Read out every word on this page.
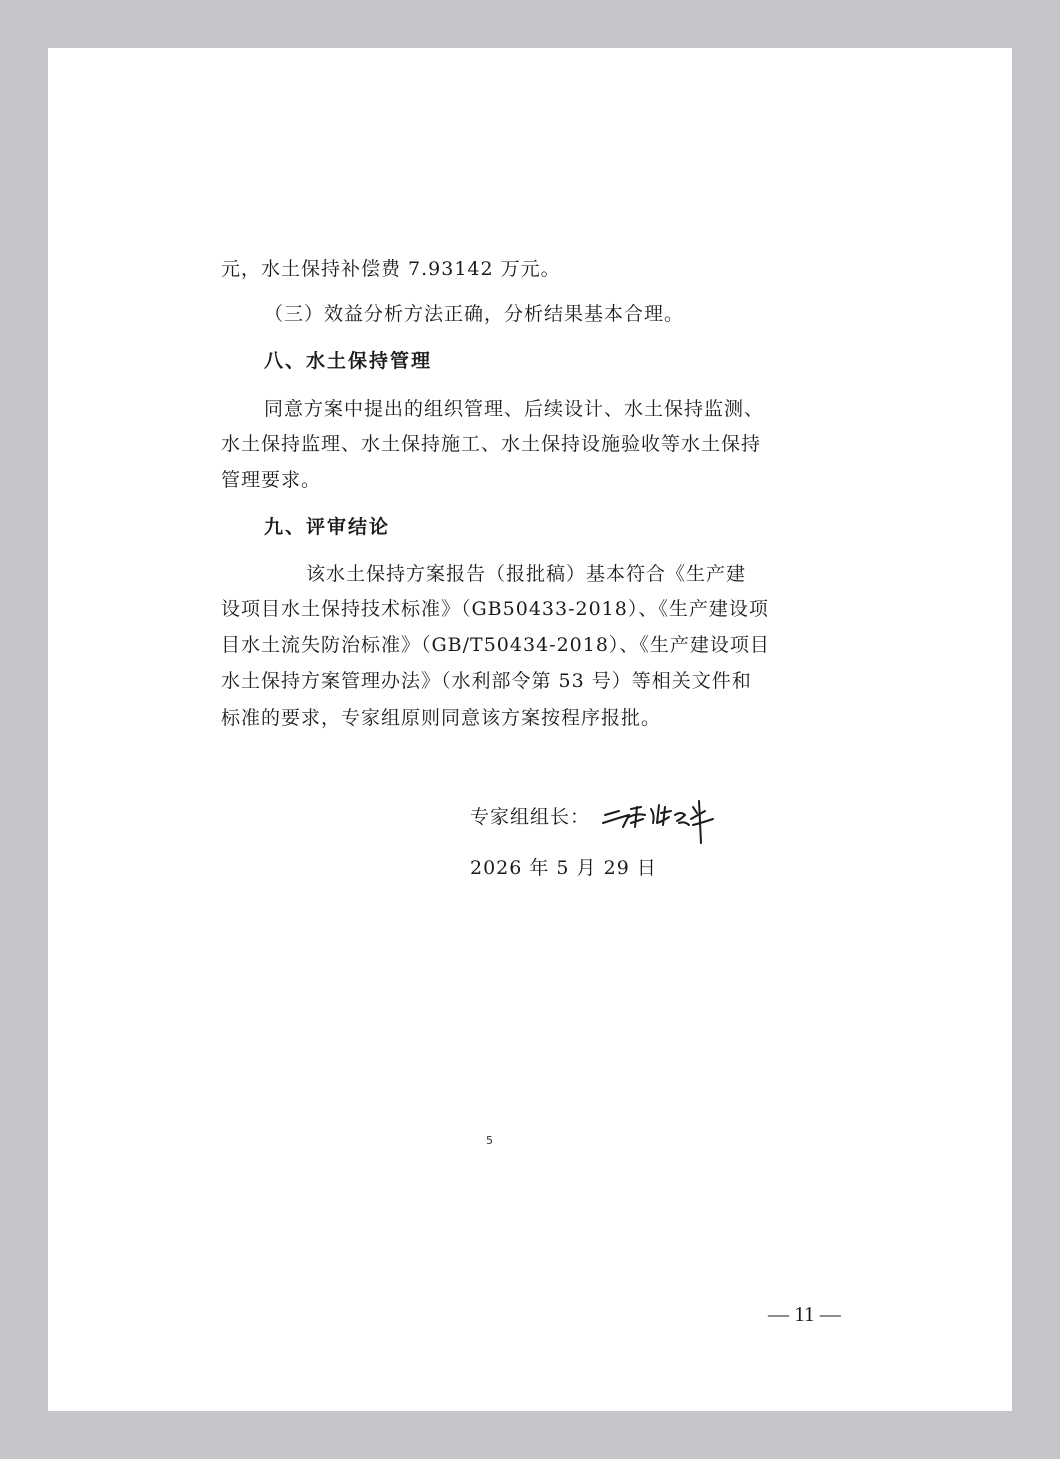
元，水土保持补偿费 7.93142 万元。
（三）效益分析方法正确，分析结果基本合理。
八、水土保持管理
同意方案中提出的组织管理、后续设计、水土保持监测、
水土保持监理、水土保持施工、水土保持设施验收等水土保持
管理要求。
九、评审结论
该水土保持方案报告（报批稿）基本符合《生产建
设项目水土保持技术标准》（GB50433-2018）、《生产建设项
目水土流失防治标准》（GB/T50434-2018）、《生产建设项目
水土保持方案管理办法》（水利部令第 53 号）等相关文件和
标准的要求，专家组原则同意该方案按程序报批。
专家组组长：
2026 年 5 月 29 日
5
— 11 —
